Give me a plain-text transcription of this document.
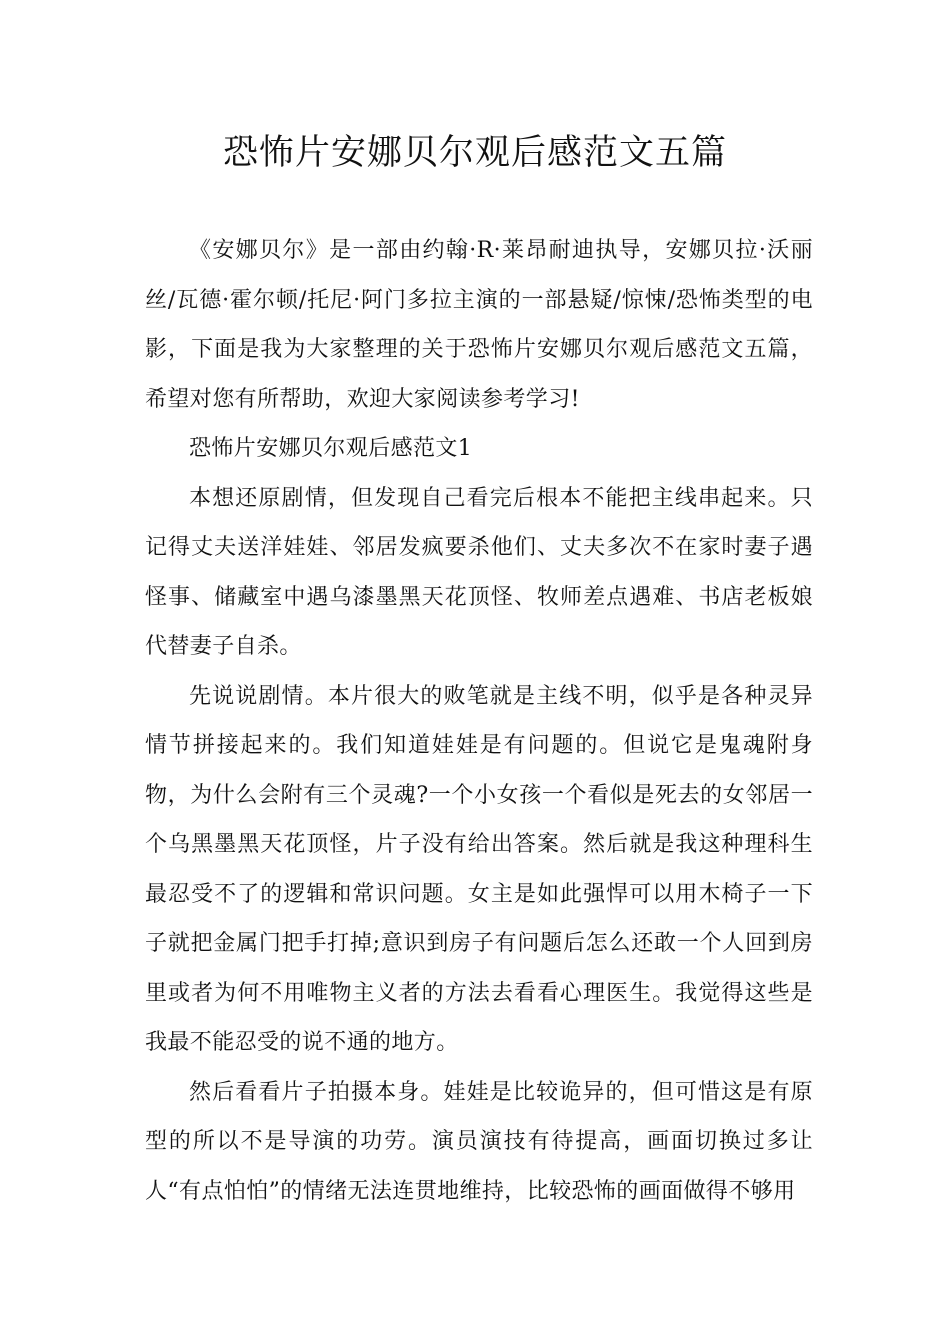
恐怖片安娜贝尔观后感范文五篇

《安娜贝尔》是一部由约翰·R·莱昂耐迪执导，安娜贝拉·沃丽丝/瓦德·霍尔顿/托尼·阿门多拉主演的一部悬疑/惊悚/恐怖类型的电影，下面是我为大家整理的关于恐怖片安娜贝尔观后感范文五篇，希望对您有所帮助，欢迎大家阅读参考学习!

恐怖片安娜贝尔观后感范文1

本想还原剧情，但发现自己看完后根本不能把主线串起来。只记得丈夫送洋娃娃、邻居发疯要杀他们、丈夫多次不在家时妻子遇怪事、储藏室中遇乌漆墨黑天花顶怪、牧师差点遇难、书店老板娘代替妻子自杀。

先说说剧情。本片很大的败笔就是主线不明，似乎是各种灵异情节拼接起来的。我们知道娃娃是有问题的。但说它是鬼魂附身物，为什么会附有三个灵魂?一个小女孩一个看似是死去的女邻居一个乌黑墨黑天花顶怪，片子没有给出答案。然后就是我这种理科生最忍受不了的逻辑和常识问题。女主是如此强悍可以用木椅子一下子就把金属门把手打掉;意识到房子有问题后怎么还敢一个人回到房里或者为何不用唯物主义者的方法去看看心理医生。我觉得这些是我最不能忍受的说不通的地方。

然后看看片子拍摄本身。娃娃是比较诡异的，但可惜这是有原型的所以不是导演的功劳。演员演技有待提高，画面切换过多让人“有点怕怕”的情绪无法连贯地维持，比较恐怖的画面做得不够用
